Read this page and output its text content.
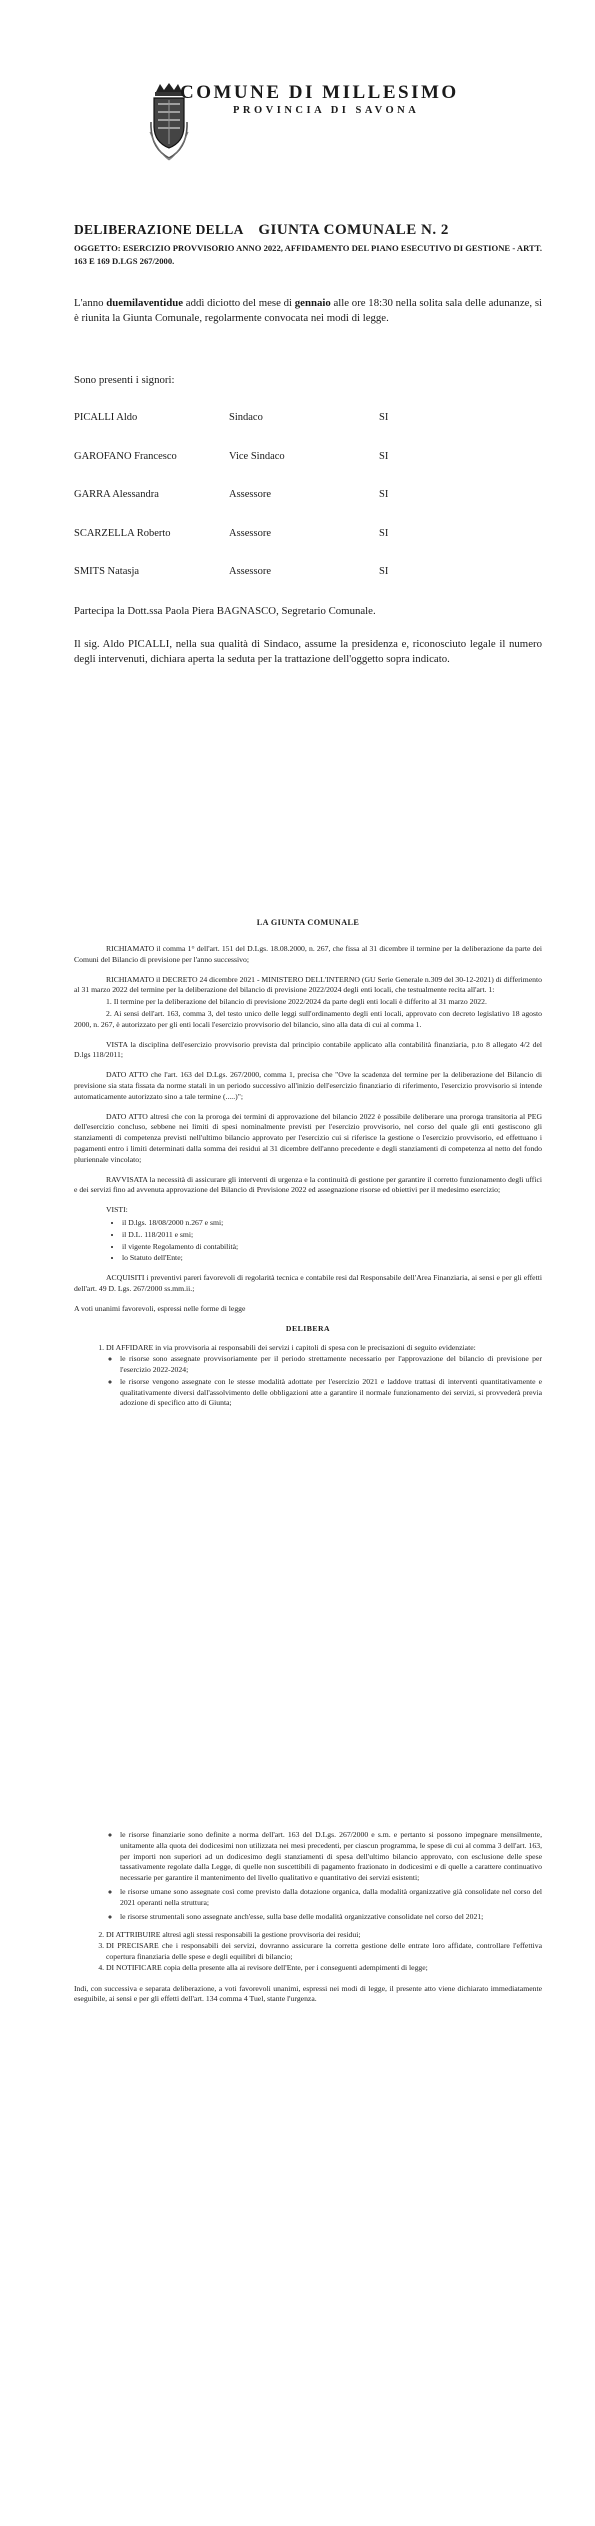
COMUNE DI MILLESIMO
PROVINCIA DI SAVONA
DELIBERAZIONE DELLA GIUNTA COMUNALE N. 2
OGGETTO: ESERCIZIO PROVVISORIO ANNO 2022, AFFIDAMENTO DEL PIANO ESECUTIVO DI GESTIONE - ARTT. 163 E 169 D.LGS 267/2000.
L'anno duemilaventidue addì diciotto del mese di gennaio alle ore 18:30 nella solita sala delle adunanze, si è riunita la Giunta Comunale, regolarmente convocata nei modi di legge.
Sono presenti i signori:
PICALLI Aldo	Sindaco	SI
GAROFANO Francesco	Vice Sindaco	SI
GARRA Alessandra	Assessore	SI
SCARZELLA Roberto	Assessore	SI
SMITS Natasja	Assessore	SI
Partecipa la Dott.ssa Paola Piera BAGNASCO, Segretario Comunale.
Il sig. Aldo PICALLI, nella sua qualità di Sindaco, assume la presidenza e, riconosciuto legale il numero degli intervenuti, dichiara aperta la seduta per la trattazione dell'oggetto sopra indicato.
LA GIUNTA COMUNALE

RICHIAMATO il comma 1° dell'art. 151 del D.Lgs. 18.08.2000, n. 267, che fissa al 31 dicembre il termine per la deliberazione da parte dei Comuni del Bilancio di previsione per l'anno successivo;

RICHIAMATO il DECRETO 24 dicembre 2021 - MINISTERO DELL'INTERNO (GU Serie Generale n.309 del 30-12-2021) di differimento al 31 marzo 2022 del termine per la deliberazione del bilancio di previsione 2022/2024 degli enti locali, che testualmente recita all'art. 1:

1. Il termine per la deliberazione del bilancio di previsione 2022/2024 da parte degli enti locali è differito al 31 marzo 2022.

2. Ai sensi dell'art. 163, comma 3, del testo unico delle leggi sull'ordinamento degli enti locali, approvato con decreto legislativo 18 agosto 2000, n. 267, è autorizzato per gli enti locali l'esercizio provvisorio del bilancio, sino alla data di cui al comma 1.

VISTA la disciplina dell'esercizio provvisorio prevista dal principio contabile applicato alla contabilità finanziaria, p.to 8 allegato 4/2 del D.lgs 118/2011;

DATO ATTO che l'art. 163 del D.Lgs. 267/2000, comma 1, precisa che "Ove la scadenza del termine per la deliberazione del Bilancio di previsione sia stata fissata da norme statali in un periodo successivo all'inizio dell'esercizio finanziario di riferimento, l'esercizio provvisorio si intende automaticamente autorizzato sino a tale termine (.....)";

DATO ATTO altresì che con la proroga dei termini di approvazione del bilancio 2022 è possibile deliberare una proroga transitoria al PEG dell'esercizio concluso, sebbene nei limiti di spesi nominalmente previsti per l'esercizio provvisorio, nel corso del quale gli enti gestiscono gli stanziamenti di competenza previsti nell'ultimo bilancio approvato per l'esercizio cui si riferisce la gestione o l'esercizio provvisorio, ed effettuano i pagamenti entro i limiti determinati dalla somma dei residui al 31 dicembre dell'anno precedente e degli stanziamenti di competenza al netto del fondo pluriennale vincolato;

RAVVISATA la necessità di assicurare gli interventi di urgenza e la continuità di gestione per garantire il corretto funzionamento degli uffici e dei servizi fino ad avvenuta approvazione del Bilancio di Previsione 2022 ed assegnazione risorse ed obiettivi per il medesimo esercizio;

VISTI:

• il D.lgs. 18/08/2000 n.267 e smi;
• il D.L. 118/2011 e smi;
• il vigente Regolamento di contabilità;
• lo Statuto dell'Ente;

ACQUISITI i preventivi pareri favorevoli di regolarità tecnica e contabile resi dal Responsabile dell'Area Finanziaria, ai sensi e per gli effetti dell'art. 49 D. Lgs. 267/2000 ss.mm.ii.;

A voti unanimi favorevoli, espressi nelle forme di legge

DELIBERA

1. DI AFFIDARE in via provvisoria ai responsabili dei servizi i capitoli di spesa con le precisazioni di seguito evidenziate:
◦ le risorse sono assegnate provvisoriamente per il periodo strettamente necessario per l'approvazione del bilancio di previsione per l'esercizio 2022-2024;
◦ le risorse vengono assegnate con le stesse modalità adottate per l'esercizio 2021 e laddove trattasi di interventi quantitativamente e qualitativamente diversi dall'assolvimento delle obbligazioni atte a garantire il normale funzionamento dei servizi, si provvederà previa adozione di specifico atto di Giunta;
◦ le risorse finanziarie sono definite a norma dell'art. 163 del D.Lgs. 267/2000 e s.m. e pertanto si possono impegnare mensilmente, unitamente alla quota dei dodicesimi non utilizzata nei mesi precedenti, per ciascun programma, le spese di cui al comma 3 dell'art. 163, per importi non superiori ad un dodicesimo degli stanziamenti di spesa dell'ultimo bilancio approvato, con esclusione delle spese tassativamente regolate dalla Legge, di quelle non suscettibili di pagamento frazionato in dodicesimi e di quelle a carattere continuativo necessarie per garantire il mantenimento del livello qualitativo e quantitativo dei servizi esistenti;
◦ le risorse umane sono assegnate così come previsto dalla dotazione organica, dalla modalità organizzative già consolidate nel corso del 2021 operanti nella struttura;
◦ le risorse strumentali sono assegnate anch'esse, sulla base delle modalità organizzative consolidate nel corso del 2021;
2. DI ATTRIBUIRE altresì agli stessi responsabili la gestione provvisoria dei residui;
3. DI PRECISARE che i responsabili dei servizi, dovranno assicurare la corretta gestione delle entrate loro affidate, controllare l'effettiva copertura finanziaria delle spese e degli equilibri di bilancio;
4. DI NOTIFICARE copia della presente alla ai revisore dell'Ente, per i conseguenti adempimenti di legge;

Indi, con successiva e separata deliberazione, a voti favorevoli unanimi, espressi nei modi di legge, il presente atto viene dichiarato immediatamente eseguibile, ai sensi e per gli effetti dell'art. 134 comma 4 Tuel, stante l'urgenza.
